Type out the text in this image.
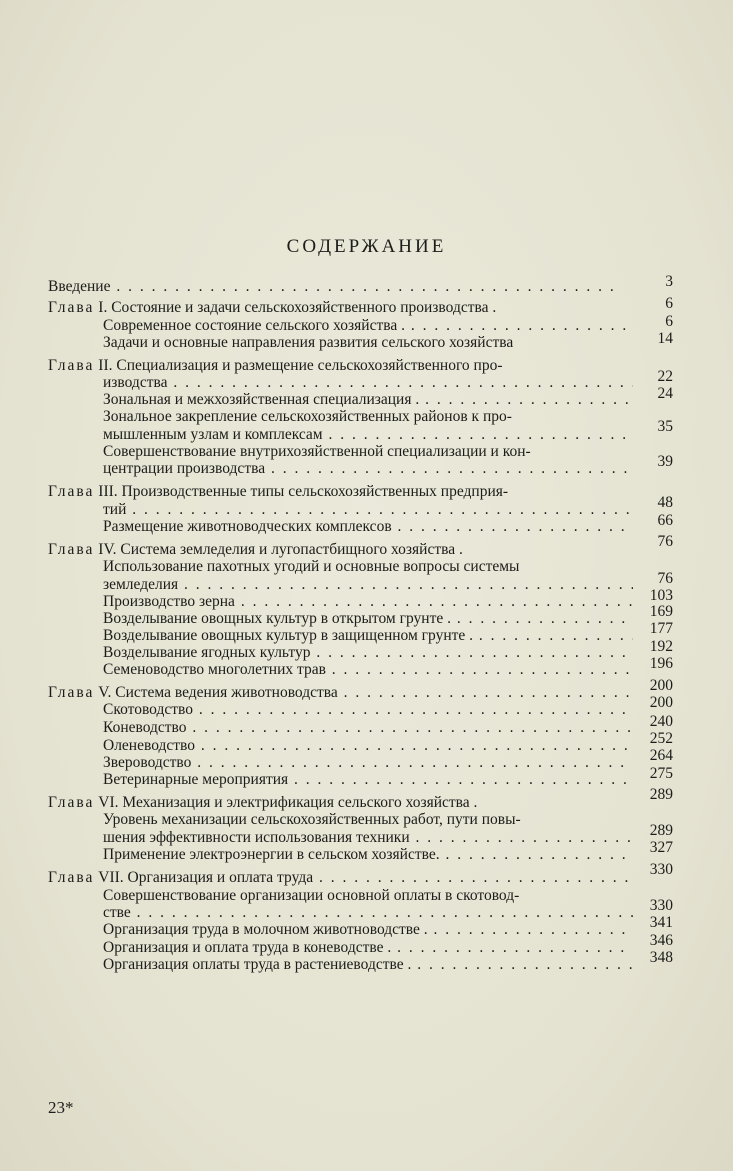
СОДЕРЖАНИЕ
Введение . . .	3
Глава I. Состояние и задачи сельскохозяйственного производства .	6
Современное состояние сельского хозяйства . . . .	6
Задачи и основные направления развития сельского хозяйства	14
Глава II. Специализация и размещение сельскохозяйственного про-
изводства . . .	22
Зональная и межхозяйственная специализация . . . .	24
Зональное закрепление сельскохозяйственных районов к про-
мышленным узлам и комплексам . . .	35
Совершенствование внутрихозяйственной специализации и кон-
центрации производства . . .	39
Глава III. Производственные типы сельскохозяйственных предприя-
тий . . .	48
Размещение животноводческих комплексов . . .	66
Глава IV. Система земледелия и лугопастбищного хозяйства .	76
Использование пахотных угодий и основные вопросы системы
земледелия . . .	76
Производство зерна . . .	103
Возделывание овощных культур в открытом грунте . . . .	169
Возделывание овощных культур в защищенном грунте . . . .	177
Возделывание ягодных культур . . .	192
Семеноводство многолетних трав . . .	196
Глава V. Система ведения животноводства . . .	200
Скотоводство . . .	200
Коневодство . . .	240
Оленеводство . . .	252
Звероводство . . .	264
Ветеринарные мероприятия . . .	275
Глава VI. Механизация и электрификация сельского хозяйства .	289
Уровень механизации сельскохозяйственных работ, пути повы-
шения эффективности использования техники . . .	289
Применение электроэнергии в сельском хозяйстве. . . .	327
Глава VII. Организация и оплата труда . . .	330
Совершенствование организации основной оплаты в скотовод-
стве . . .	330
Организация труда в молочном животноводстве . . . .	341
Организация и оплата труда в коневодстве . . . .	346
Организация оплаты труда в растениеводстве . . . .	348
23*
